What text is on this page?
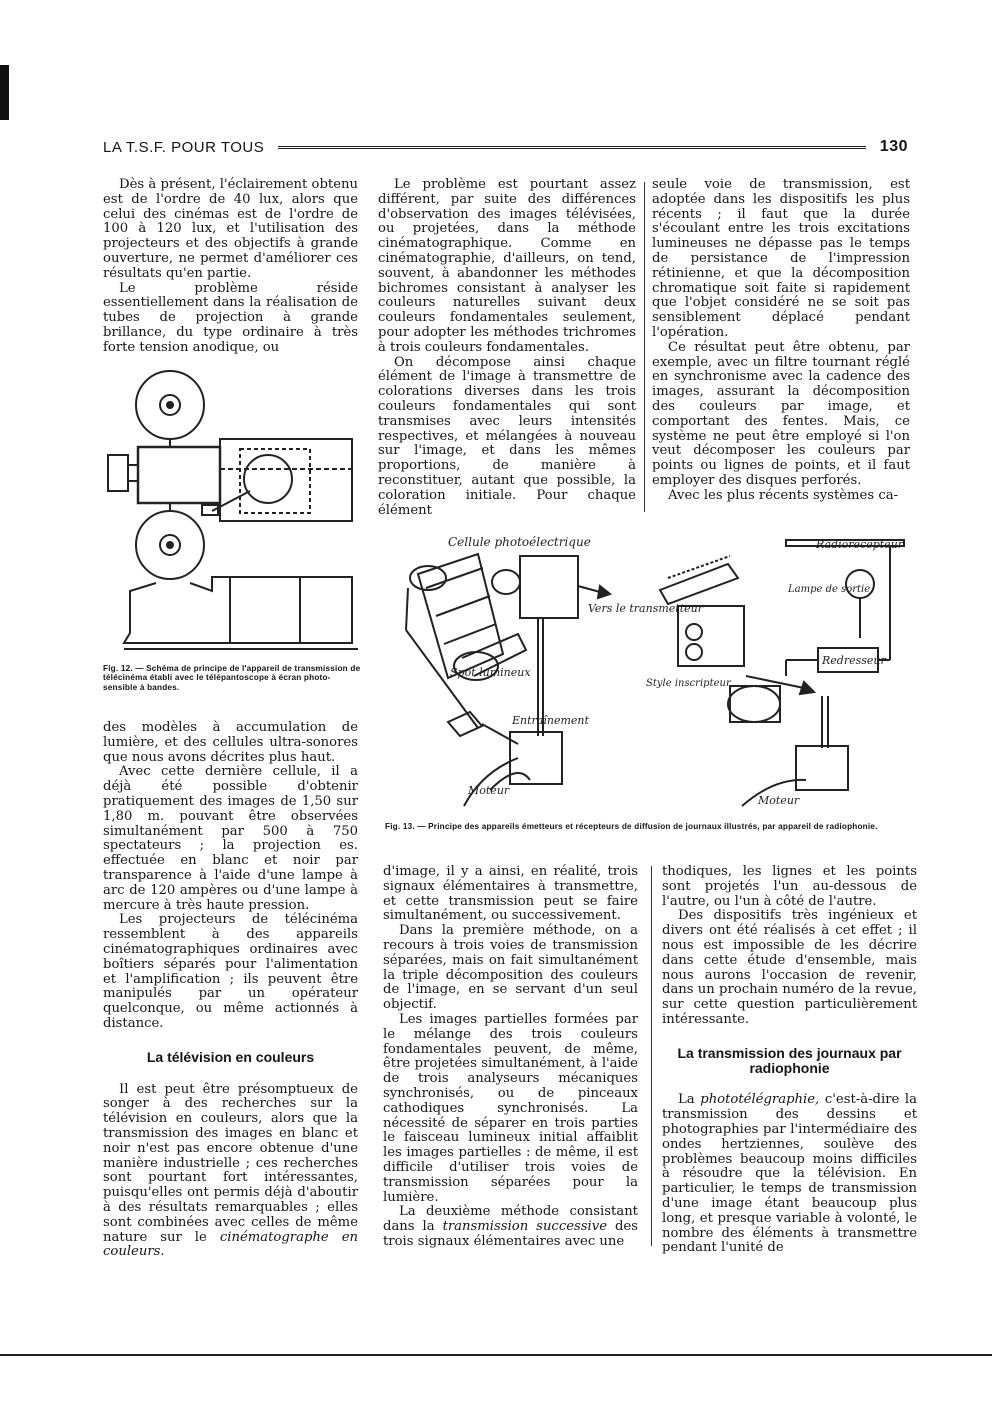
LA T.S.F. POUR TOUS	130

Dès à présent, l'éclairement obtenu est de l'ordre de 40 lux, alors que celui des cinémas est de l'ordre de 100 à 120 lux, et l'utilisation des projecteurs et des objectifs à grande ouverture, ne permet d'améliorer ces résultats qu'en partie.

Le problème réside essentiellement dans la réalisation de tubes de projection à grande brillance, du type ordinaire à très forte tension anodique, ou

Fig. 12. — Schéma de principe de l'appareil de transmission de télécinéma établi avec le télépantoscope à écran photo-sensible à bandes.

des modèles à accumulation de lumière, et des cellules ultra-sonores que nous avons décrites plus haut.

Avec cette dernière cellule, il a déjà été possible d'obtenir pratiquement des images de 1,50 sur 1,80 m. pouvant être observées simultanément par 500 à 750 spectateurs ; la projection es. effectuée en blanc et noir par transparence à l'aide d'une lampe à arc de 120 ampères ou d'une lampe à mercure à très haute pression.

Les projecteurs de télécinéma ressemblent à des appareils cinématographiques ordinaires avec boîtiers séparés pour l'alimentation et l'amplification ; ils peuvent être manipulés par un opérateur quelconque, ou même actionnés à distance.

La télévision en couleurs

Il est peut être présomptueux de songer à des recherches sur la télévision en couleurs, alors que la transmission des images en blanc et noir n'est pas encore obtenue d'une manière industrielle ; ces recherches sont pourtant fort intéressantes, puisqu'elles ont permis déjà d'aboutir à des résultats remarquables ; elles sont combinées avec celles de même nature sur le cinématographe en couleurs.

Le problème est pourtant assez différent, par suite des différences d'observation des images télévisées, ou projetées, dans la méthode cinématographique. Comme en cinématographie, d'ailleurs, on tend, souvent, à abandonner les méthodes bichromes consistant à analyser les couleurs naturelles suivant deux couleurs fondamentales seulement, pour adopter les méthodes trichromes à trois couleurs fondamentales.

On décompose ainsi chaque élément de l'image à transmettre de colorations diverses dans les trois couleurs fondamentales qui sont transmises avec leurs intensités respectives, et mélangées à nouveau sur l'image, et dans les mêmes proportions, de manière à reconstituer, autant que possible, la coloration initiale. Pour chaque élément

seule voie de transmission, est adoptée dans les dispositifs les plus récents ; il faut que la durée s'écoulant entre les trois excitations lumineuses ne dépasse pas le temps de persistance de l'impression rétinienne, et que la décomposition chromatique soit faite si rapidement que l'objet considéré ne se soit pas sensiblement déplacé pendant l'opération.

Ce résultat peut être obtenu, par exemple, avec un filtre tournant réglé en synchronisme avec la cadence des images, assurant la décomposition des couleurs par image, et comportant des fentes. Mais, ce système ne peut être employé si l'on veut décomposer les couleurs par points ou lignes de points, et il faut employer des disques perforés.

Avec les plus récents systèmes ca-

Cellule photoélectrique
Vers le transmetteur
Spot lumineux
Entraînement
Moteur
Radiorécepteur
Lampe de sortie
Redresseur
Style inscripteur
Moteur
Fig. 13. — Principe des appareils émetteurs et récepteurs de diffusion de journaux illustrés, par appareil de radiophonie.

d'image, il y a ainsi, en réalité, trois signaux élémentaires à transmettre, et cette transmission peut se faire simultanément, ou successivement.

Dans la première méthode, on a recours à trois voies de transmission séparées, mais on fait simultanément la triple décomposition des couleurs de l'image, en se servant d'un seul objectif.

Les images partielles formées par le mélange des trois couleurs fondamentales peuvent, de même, être projetées simultanément, à l'aide de trois analyseurs mécaniques synchronisés, ou de pinceaux cathodiques synchronisés. La nécessité de séparer en trois parties le faisceau lumineux initial affaiblit les images partielles : de même, il est difficile d'utiliser trois voies de transmission séparées pour la lumière.

La deuxième méthode consistant dans la transmission successive des trois signaux élémentaires avec une

thodiques, les lignes et les points sont projetés l'un au-dessous de l'autre, ou l'un à côté de l'autre.

Des dispositifs très ingénieux et divers ont été réalisés à cet effet ; il nous est impossible de les décrire dans cette étude d'ensemble, mais nous aurons l'occasion de revenir, dans un prochain numéro de la revue, sur cette question particulièrement intéressante.

La transmission des journaux par radiophonie

La phototélégraphie, c'est-à-dire la transmission des dessins et photographies par l'intermédiaire des ondes hertziennes, soulève des problèmes beaucoup moins difficiles à résoudre que la télévision. En particulier, le temps de transmission d'une image étant beaucoup plus long, et presque variable à volonté, le nombre des éléments à transmettre pendant l'unité de
